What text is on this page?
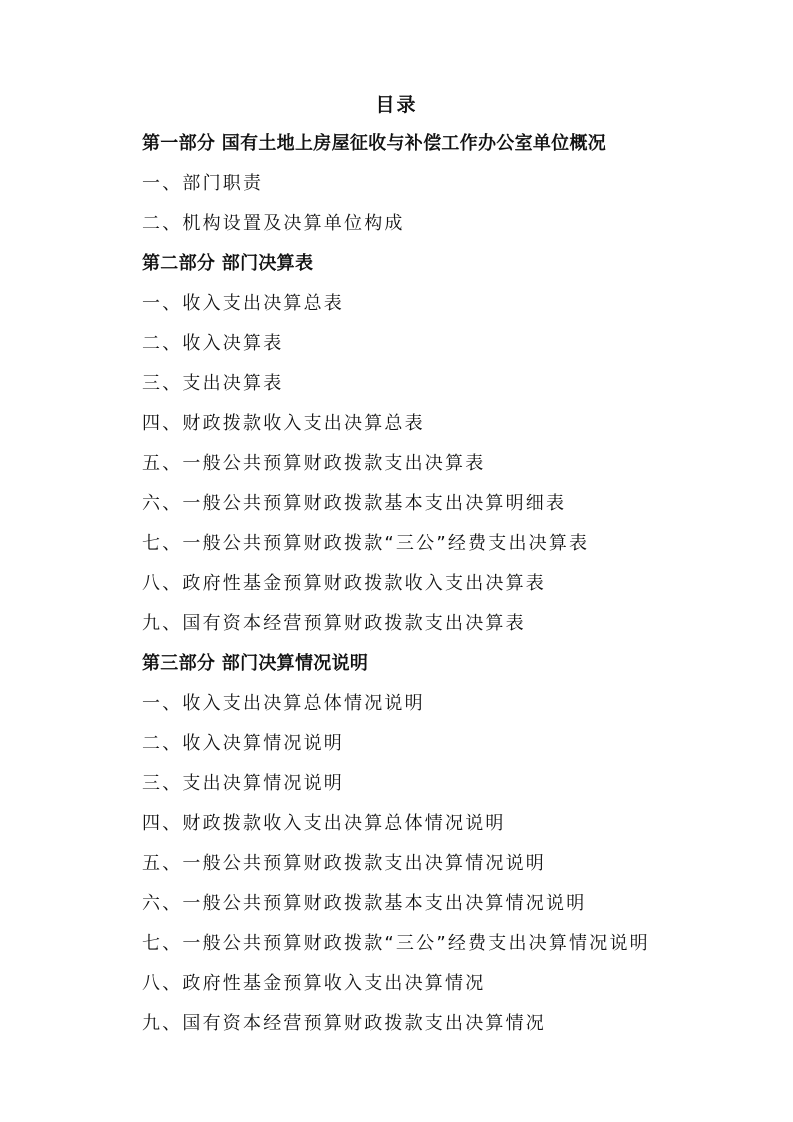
目录
第一部分 国有土地上房屋征收与补偿工作办公室单位概况
一、部门职责
二、机构设置及决算单位构成
第二部分 部门决算表
一、收入支出决算总表
二、收入决算表
三、支出决算表
四、财政拨款收入支出决算总表
五、一般公共预算财政拨款支出决算表
六、一般公共预算财政拨款基本支出决算明细表
七、一般公共预算财政拨款“三公”经费支出决算表
八、政府性基金预算财政拨款收入支出决算表
九、国有资本经营预算财政拨款支出决算表
第三部分 部门决算情况说明
一、收入支出决算总体情况说明
二、收入决算情况说明
三、支出决算情况说明
四、财政拨款收入支出决算总体情况说明
五、一般公共预算财政拨款支出决算情况说明
六、一般公共预算财政拨款基本支出决算情况说明
七、一般公共预算财政拨款“三公”经费支出决算情况说明
八、政府性基金预算收入支出决算情况
九、国有资本经营预算财政拨款支出决算情况
